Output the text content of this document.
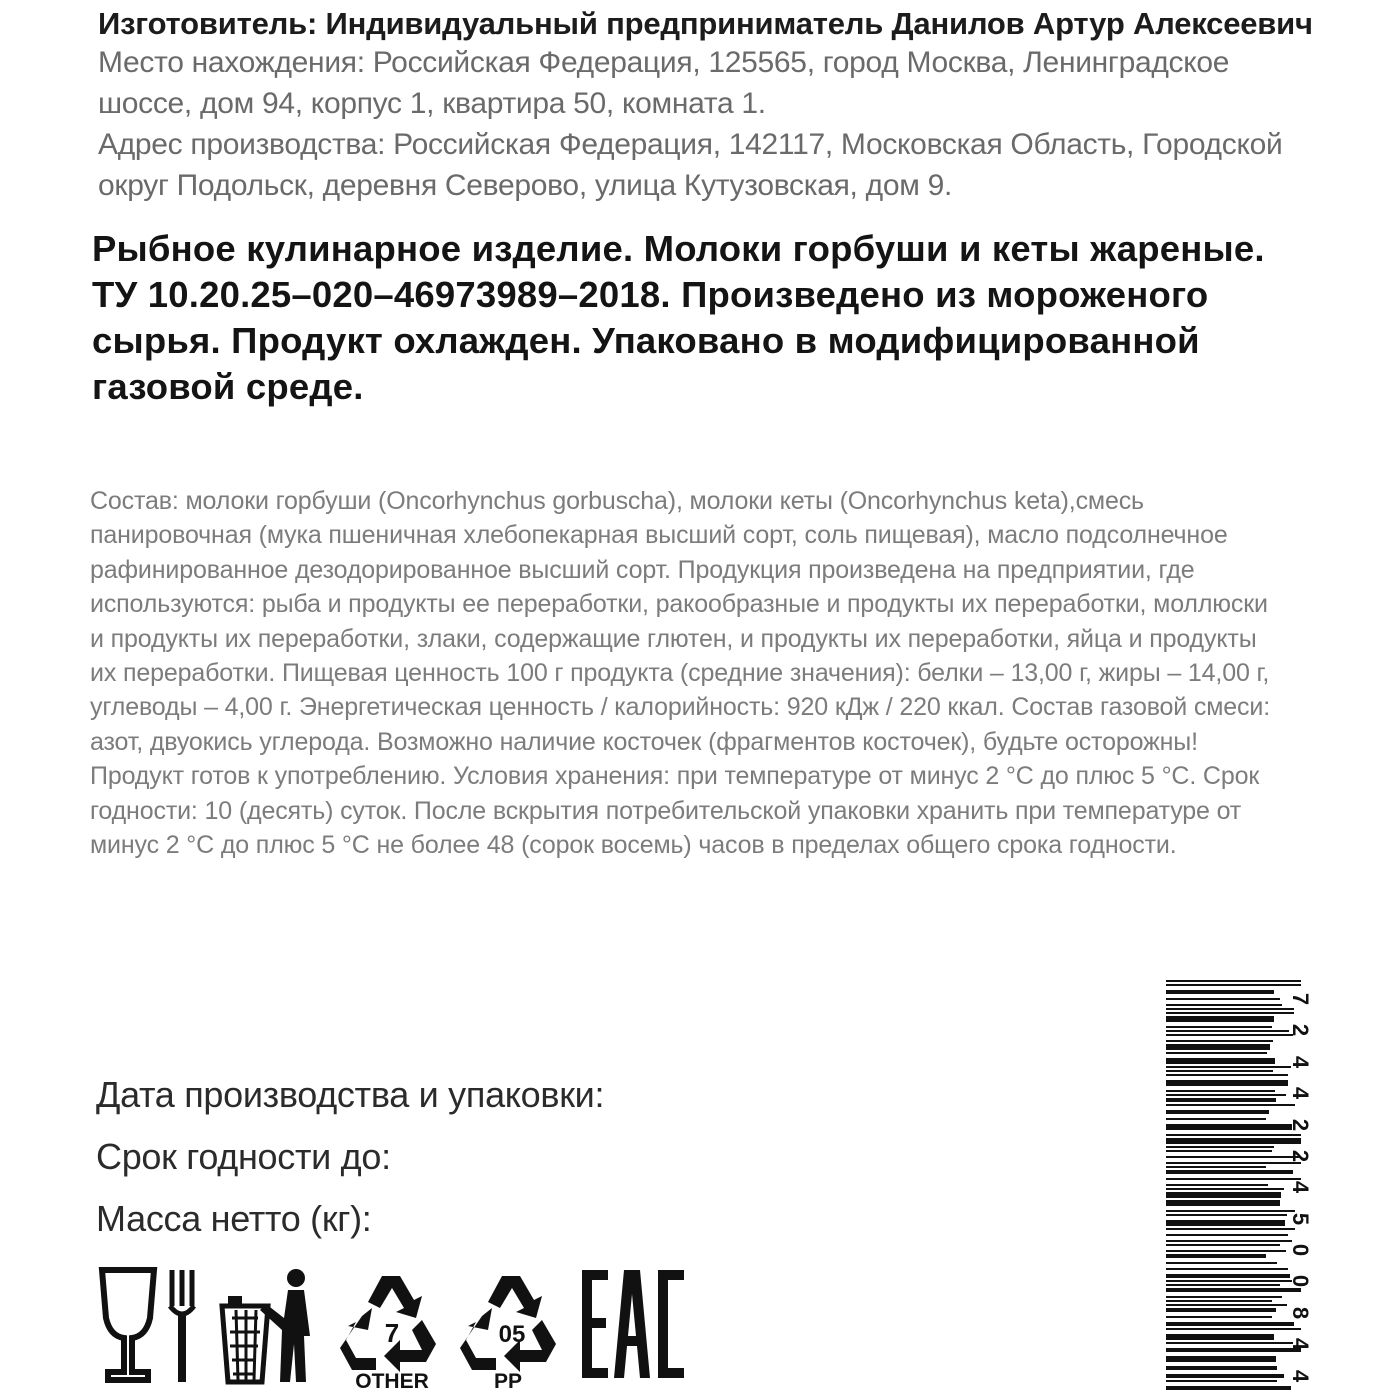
Изготовитель: Индивидуальный предприниматель Данилов Артур Алексеевич
Место нахождения: Российская Федерация, 125565, город Москва, Ленинградское шоссе, дом 94, корпус 1, квартира 50, комната 1.
Адрес производства: Российская Федерация, 142117, Московская Область, Городской округ Подольск, деревня Северово, улица Кутузовская, дом 9.
Рыбное кулинарное изделие. Молоки горбуши и кеты жареные. ТУ 10.20.25–020–46973989–2018. Произведено из мороженого сырья. Продукт охлажден. Упаковано в модифицированной газовой среде.
Состав: молоки горбуши (Oncorhynchus gorbuscha), молоки кеты (Oncorhynchus keta),смесь панировочная (мука пшеничная хлебопекарная высший сорт, соль пищевая), масло подсолнечное рафинированное дезодорированное высший сорт. Продукция произведена на предприятии, где используются: рыба и продукты ее переработки, ракообразные и продукты их переработки, моллюски и продукты их переработки, злаки, содержащие глютен, и продукты их переработки, яйца и продукты их переработки. Пищевая ценность 100 г продукта (средние значения): белки – 13,00 г, жиры – 14,00 г, углеводы – 4,00 г. Энергетическая ценность / калорийность: 920 кДж / 220 ккал. Состав газовой смеси: азот, двуокись углерода. Возможно наличие косточек (фрагментов косточек), будьте осторожны! Продукт готов к употреблению. Условия хранения: при температуре от минус 2 °С до плюс 5 °С. Срок годности: 10 (десять) суток. После вскрытия потребительской упаковки хранить при температуре от минус 2 °С до плюс 5 °С не более 48 (сорок восемь) часов в пределах общего срока годности.
Дата производства и упаковки:
Срок годности до:
Масса нетто (кг):
7
OTHER
05
PP
7
2
4
4
2
2
4
5
0
0
8
4
4
